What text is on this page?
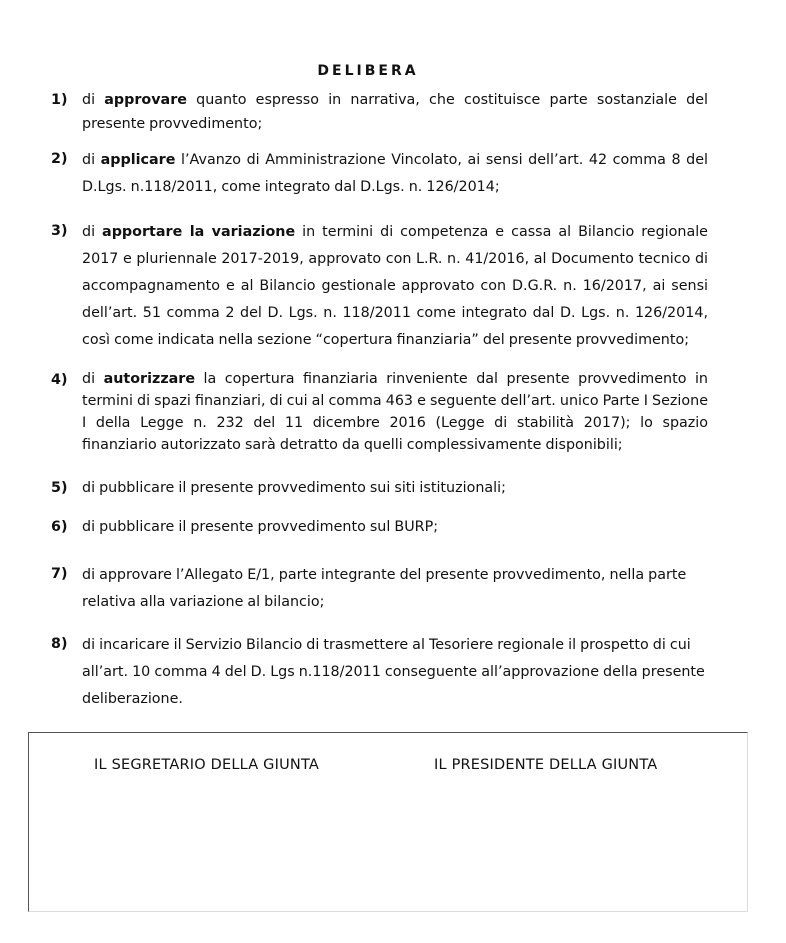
DELIBERA
1)	di approvare quanto espresso in narrativa, che costituisce parte sostanziale del presente provvedimento;
2)	di applicare l’Avanzo di Amministrazione Vincolato, ai sensi dell’art. 42 comma 8 del D.Lgs. n.118/2011, come integrato dal D.Lgs. n. 126/2014;
3)	di apportare la variazione in termini di competenza e cassa al Bilancio regionale 2017 e pluriennale 2017-2019, approvato con L.R. n. 41/2016, al Documento tecnico di accompagnamento e al Bilancio gestionale approvato con D.G.R. n. 16/2017, ai sensi dell’art. 51 comma 2 del D. Lgs. n. 118/2011 come integrato dal D. Lgs. n. 126/2014, così come indicata nella sezione “copertura finanziaria” del presente provvedimento;
4)	di autorizzare la copertura finanziaria rinveniente dal presente provvedimento in termini di spazi finanziari, di cui al comma 463 e seguente dell’art. unico Parte I Sezione I della Legge n. 232 del 11 dicembre 2016 (Legge di stabilità 2017); lo spazio finanziario autorizzato sarà detratto da quelli complessivamente disponibili;
5)	di pubblicare il presente provvedimento sui siti istituzionali;
6)	di pubblicare il presente provvedimento sul BURP;
7)	di approvare l’Allegato E/1, parte integrante del presente provvedimento, nella parte relativa alla variazione al bilancio;
8)	di incaricare il Servizio Bilancio di trasmettere al Tesoriere regionale il prospetto di cui all’art. 10 comma 4 del D. Lgs n.118/2011 conseguente all’approvazione della presente deliberazione.
IL SEGRETARIO DELLA GIUNTA	IL PRESIDENTE DELLA GIUNTA
